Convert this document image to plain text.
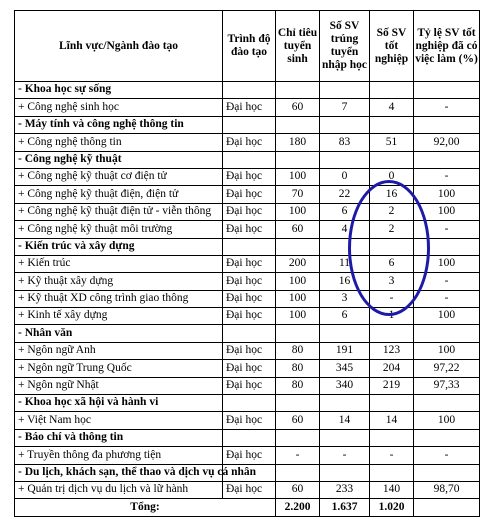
Lĩnh vực/Ngành đào tạo	Trình độ đào tạo	Chỉ tiêu tuyển sinh	Số SV trúng tuyển nhập học	Số SV tốt nghiệp	Tỷ lệ SV tốt nghiệp đã có việc làm (%)
- Khoa học sự sống					
+ Công nghệ sinh học	Đại học	60	7	4	-
- Máy tính và công nghệ thông tin					
+ Công nghệ thông tin	Đại học	180	83	51	92,00
- Công nghệ kỹ thuật					
+ Công nghệ kỹ thuật cơ điện tử	Đại học	100	0	0	-
+ Công nghệ kỹ thuật điện, điện tử	Đại học	70	22	16	100
+ Công nghệ kỹ thuật điện tử - viễn thông	Đại học	100	6	2	100
+ Công nghệ kỹ thuật môi trường	Đại học	60	4	2	-
- Kiến trúc và xây dựng					
+ Kiến trúc	Đại học	200	11	6	100
+ Kỹ thuật xây dựng	Đại học	100	16	3	-
+ Kỹ thuật XD công trình giao thông	Đại học	100	3	-	-
+ Kinh tế xây dựng	Đại học	100	6	1	100
- Nhân văn					
+ Ngôn ngữ Anh	Đại học	80	191	123	100
+ Ngôn ngữ Trung Quốc	Đại học	80	345	204	97,22
+ Ngôn ngữ Nhật	Đại học	80	340	219	97,33
- Khoa học xã hội và hành vi					
+ Việt Nam học	Đại học	60	14	14	100
- Báo chí và thông tin					
+ Truyền thông đa phương tiện	Đại học	-	-	-	-
- Du lịch, khách sạn, thể thao và dịch vụ cá nhân					
+ Quản trị dịch vụ du lịch và lữ hành	Đại học	60	233	140	98,70
Tổng:		2.200	1.637	1.020	
